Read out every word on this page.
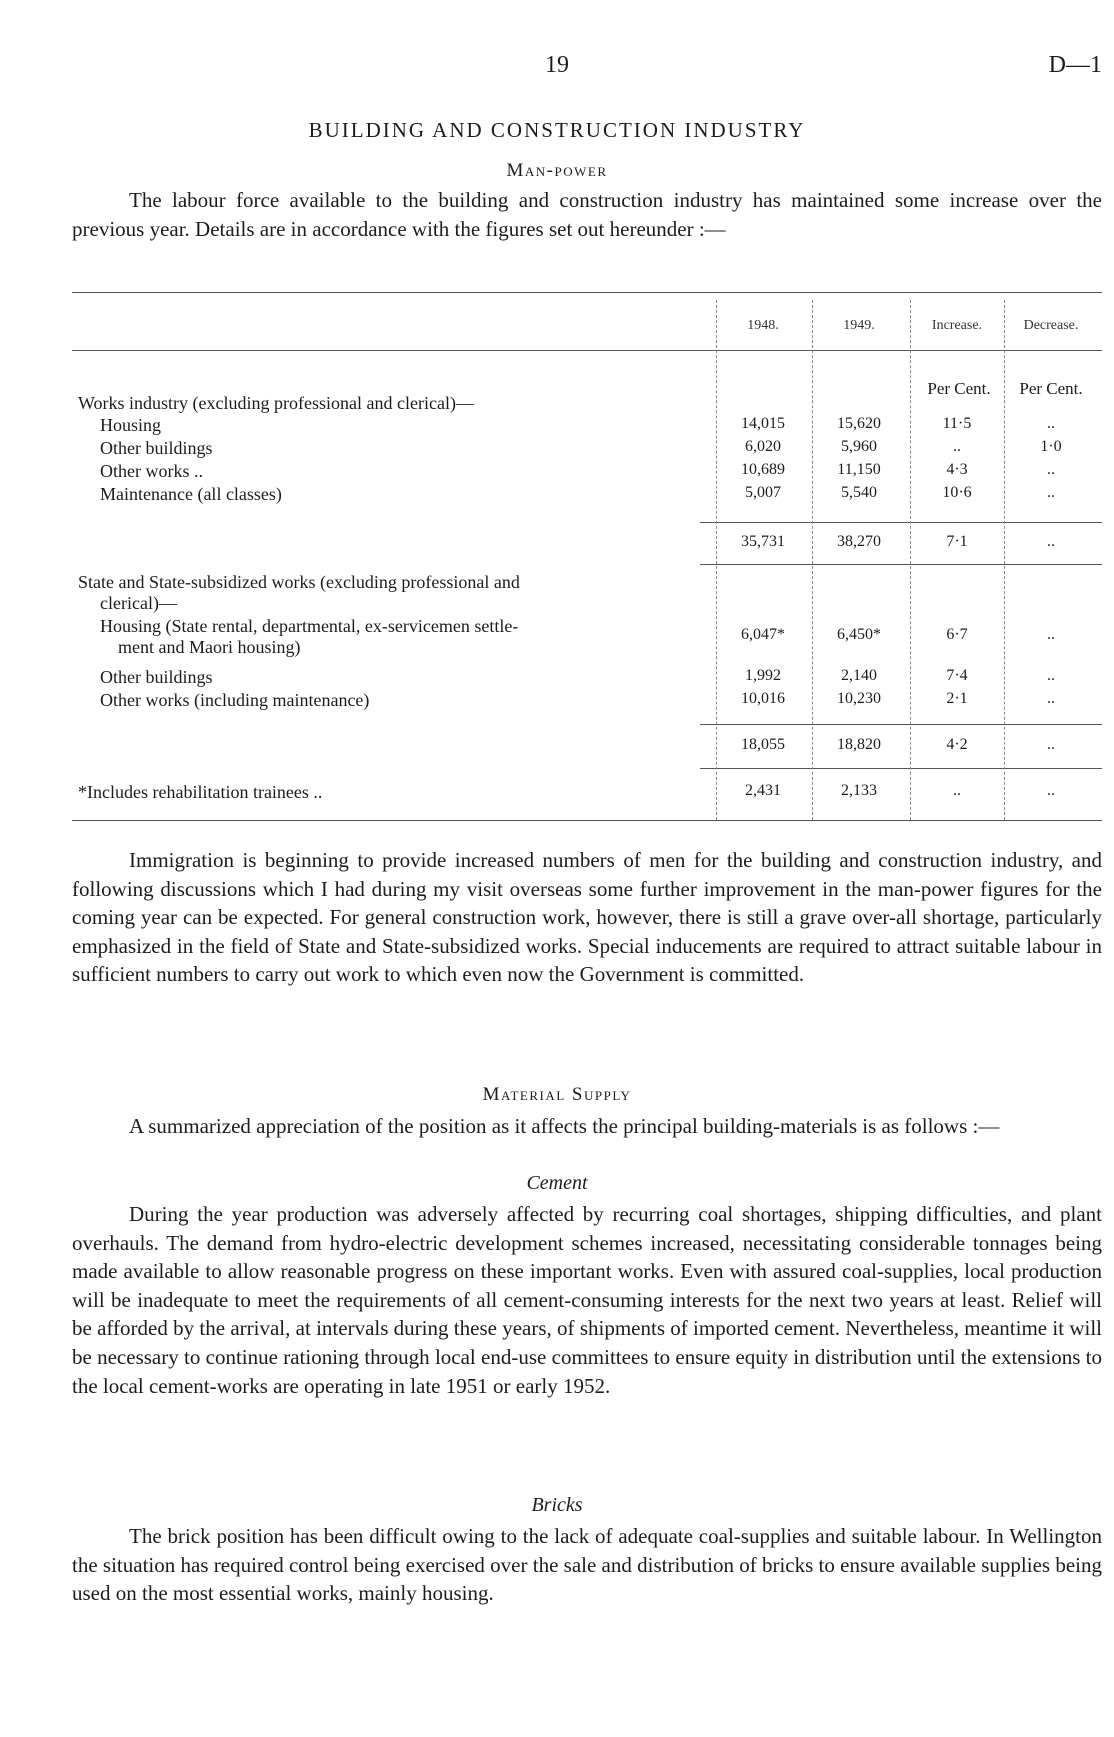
19	D—1
BUILDING AND CONSTRUCTION INDUSTRY
Man-power

The labour force available to the building and construction industry has maintained some increase over the previous year. Details are in accordance with the figures set out hereunder :—

1948.	1949.	Increase.	Decrease.
Per Cent.	Per Cent.
Works industry (excluding professional and clerical)—
Housing	14,015	15,620	11·5	..
Other buildings	6,020	5,960	..	1·0
Other works ..	10,689	11,150	4·3	..
Maintenance (all classes)	5,007	5,540	10·6	..
35,731	38,270	7·1	..
State and State-subsidized works (excluding professional and
clerical)—
Housing (State rental, departmental, ex-servicemen settle-
ment and Maori housing)
6,047*	6,450*	6·7	..
Other buildings	1,992	2,140	7·4	..
Other works (including maintenance)	10,016	10,230	2·1	..
18,055	18,820	4·2	..
*Includes rehabilitation trainees ..	2,431	2,133	..	..

Immigration is beginning to provide increased numbers of men for the building and construction industry, and following discussions which I had during my visit overseas some further improvement in the man-power figures for the coming year can be expected. For general construction work, however, there is still a grave over-all shortage, particularly emphasized in the field of State and State-subsidized works. Special inducements are required to attract suitable labour in sufficient numbers to carry out work to which even now the Government is committed.

Material Supply

A summarized appreciation of the position as it affects the principal building-materials is as follows :—

Cement

During the year production was adversely affected by recurring coal shortages, shipping difficulties, and plant overhauls. The demand from hydro-electric development schemes increased, necessitating considerable tonnages being made available to allow reasonable progress on these important works. Even with assured coal-supplies, local production will be inadequate to meet the requirements of all cement-consuming interests for the next two years at least. Relief will be afforded by the arrival, at intervals during these years, of shipments of imported cement. Nevertheless, meantime it will be necessary to continue rationing through local end-use committees to ensure equity in distribution until the extensions to the local cement-works are operating in late 1951 or early 1952.

Bricks

The brick position has been difficult owing to the lack of adequate coal-supplies and suitable labour. In Wellington the situation has required control being exercised over the sale and distribution of bricks to ensure available supplies being used on the most essential works, mainly housing.
